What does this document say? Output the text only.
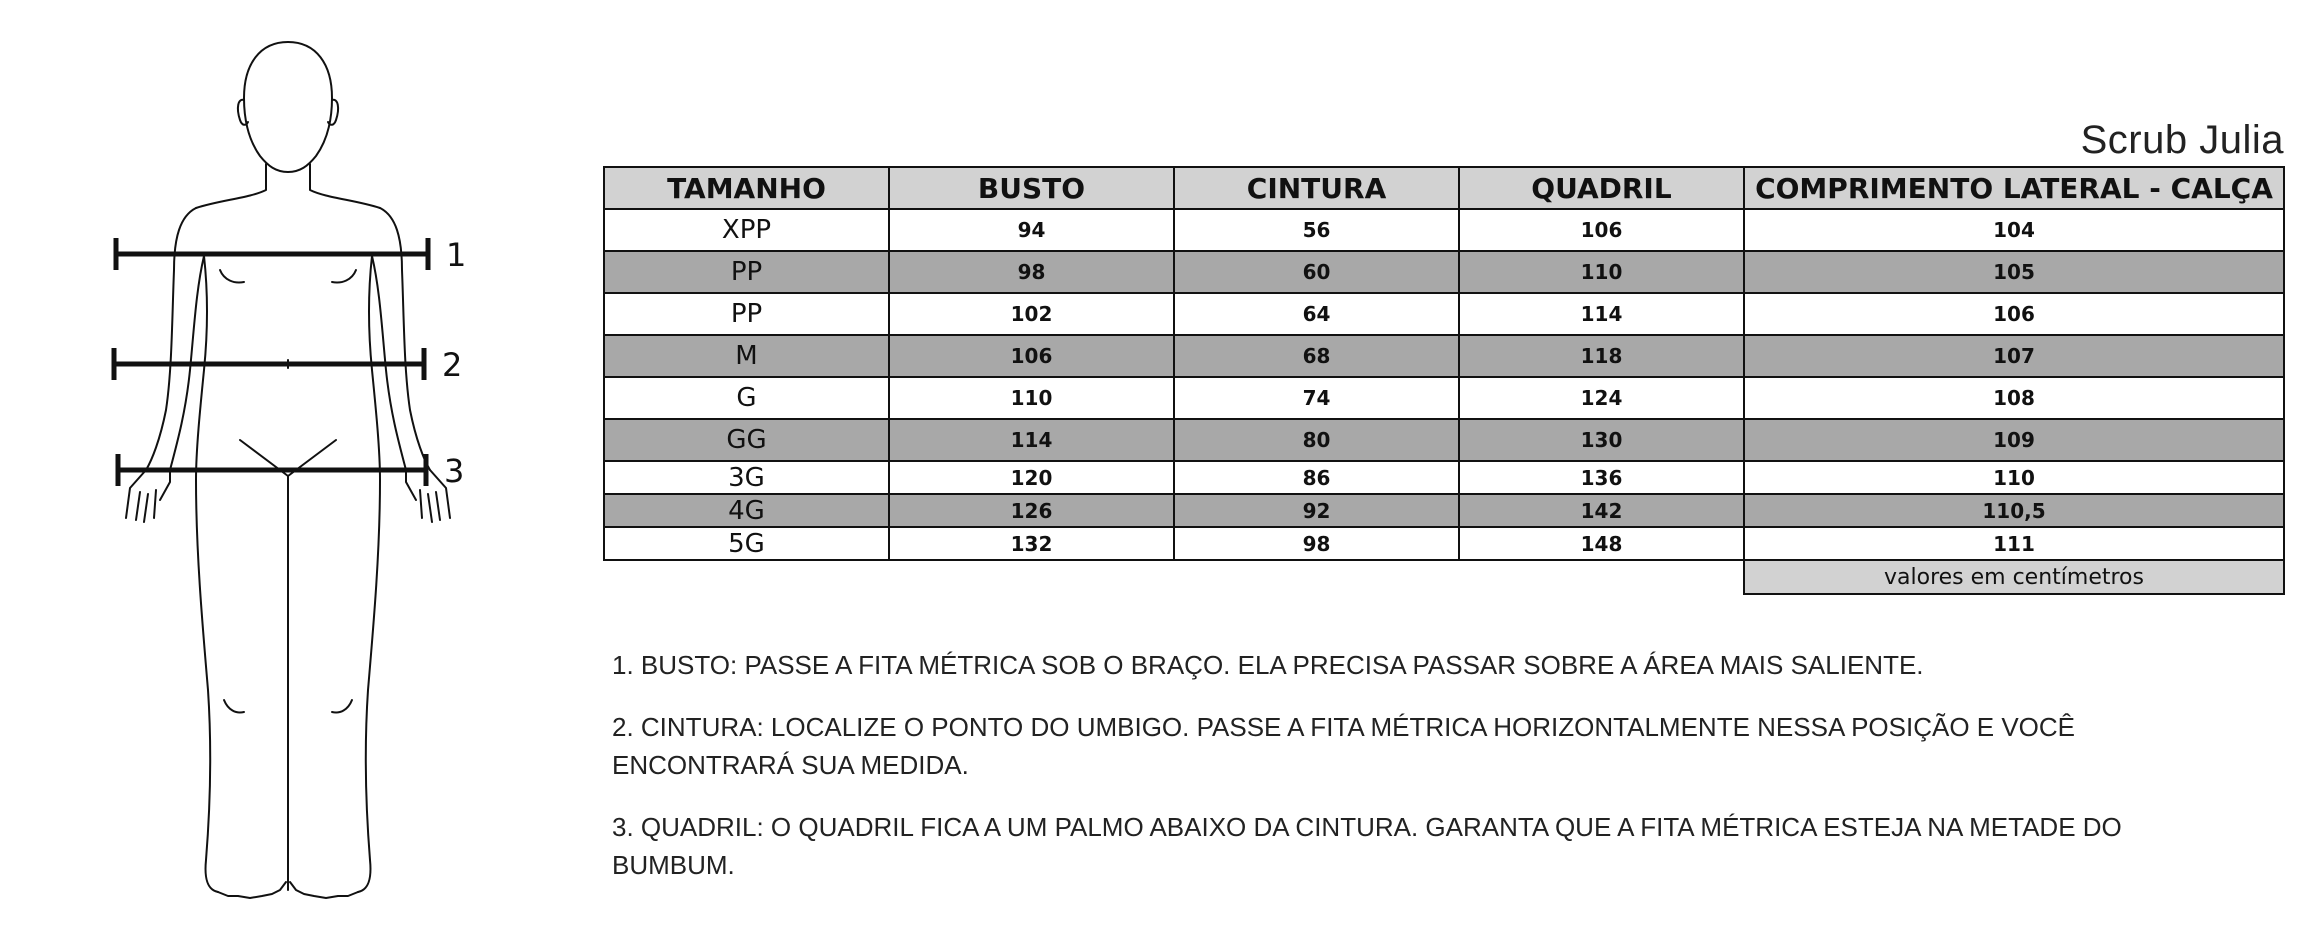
1
2
3
Scrub Julia
TAMANHO	BUSTO	CINTURA	QUADRIL	COMPRIMENTO LATERAL - CALÇA
XPP	94	56	106	104
PP	98	60	110	105
PP	102	64	114	106
M	106	68	118	107
G	110	74	124	108
GG	114	80	130	109
3G	120	86	136	110
4G	126	92	142	110,5
5G	132	98	148	111
				valores em centímetros

1. BUSTO: PASSE A FITA MÉTRICA SOB O BRAÇO. ELA PRECISA PASSAR SOBRE A ÁREA MAIS SALIENTE.

2. CINTURA: LOCALIZE O PONTO DO UMBIGO. PASSE A FITA MÉTRICA HORIZONTALMENTE NESSA POSIÇÃO E VOCÊ ENCONTRARÁ SUA MEDIDA.

3. QUADRIL: O QUADRIL FICA A UM PALMO ABAIXO DA CINTURA. GARANTA QUE A FITA MÉTRICA ESTEJA NA METADE DO BUMBUM.
